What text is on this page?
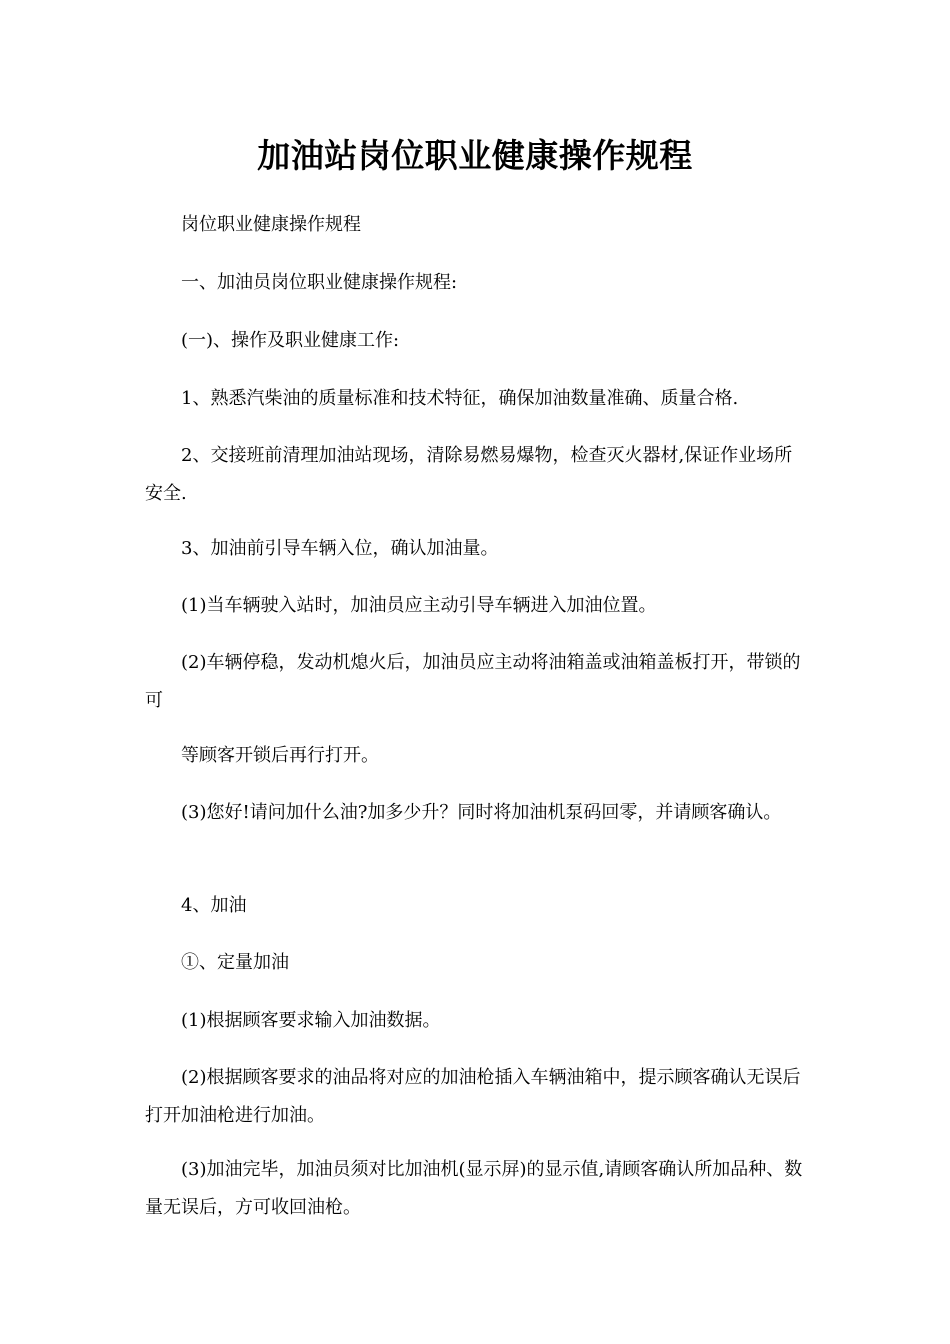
加油站岗位职业健康操作规程
岗位职业健康操作规程
一、加油员岗位职业健康操作规程:
(一)、操作及职业健康工作:
1、熟悉汽柴油的质量标准和技术特征，确保加油数量准确、质量合格.
2、交接班前清理加油站现场，清除易燃易爆物，检查灭火器材,保证作业场所安全.
3、加油前引导车辆入位，确认加油量。
(1)当车辆驶入站时，加油员应主动引导车辆进入加油位置。
(2)车辆停稳，发动机熄火后，加油员应主动将油箱盖或油箱盖板打开，带锁的可
等顾客开锁后再行打开。
(3)您好!请问加什么油?加多少升？同时将加油机泵码回零，并请顾客确认。
4、加油
①、定量加油
(1)根据顾客要求输入加油数据。
(2)根据顾客要求的油品将对应的加油枪插入车辆油箱中，提示顾客确认无误后打开加油枪进行加油。
(3)加油完毕，加油员须对比加油机(显示屏)的显示值,请顾客确认所加品种、数量无误后，方可收回油枪。
